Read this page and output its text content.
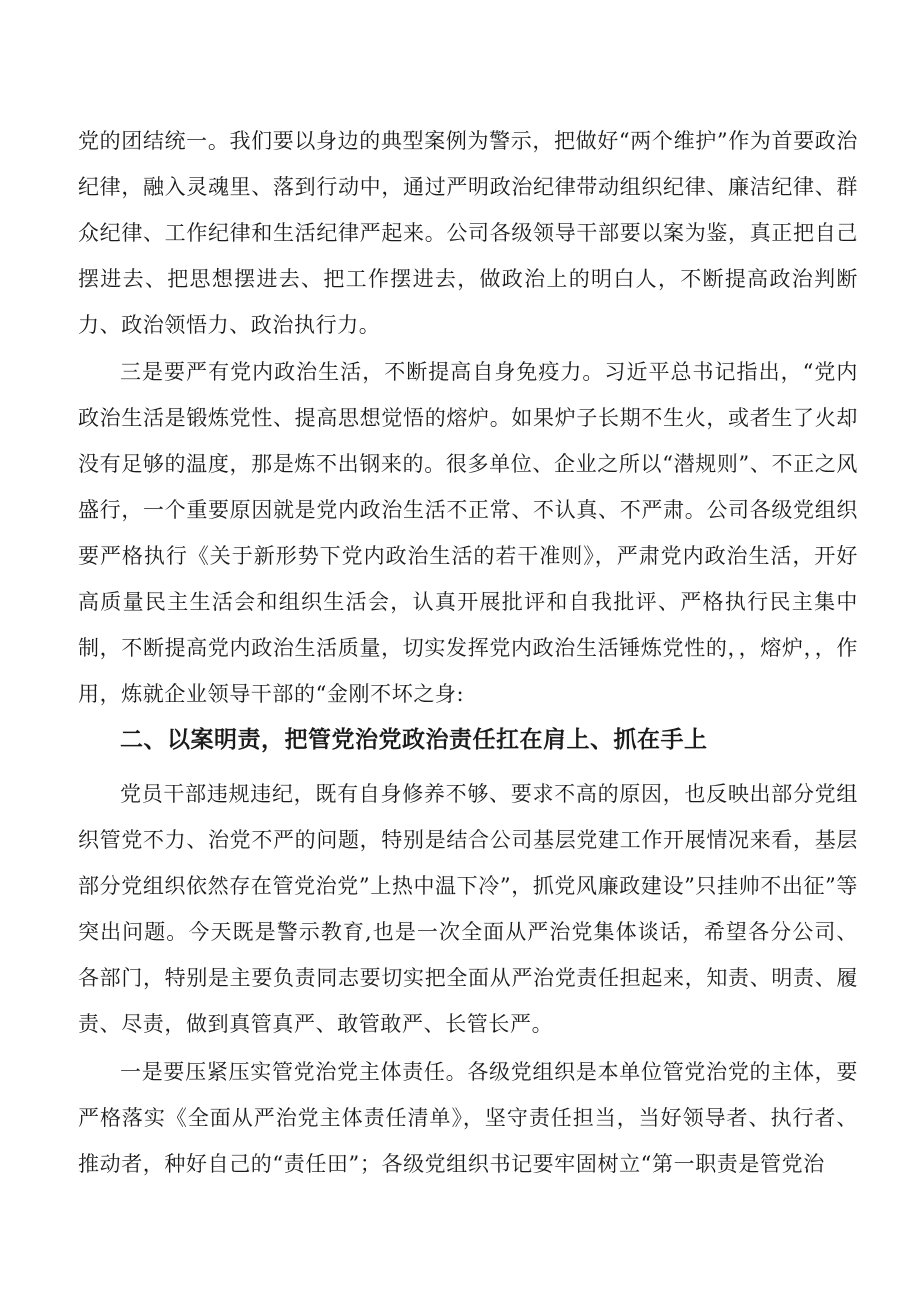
党的团结统一。我们要以身边的典型案例为警示，把做好“两个维护”作为首要政治纪律，融入灵魂里、落到行动中，通过严明政治纪律带动组织纪律、廉洁纪律、群众纪律、工作纪律和生活纪律严起来。公司各级领导干部要以案为鉴，真正把自己摆进去、把思想摆进去、把工作摆进去，做政治上的明白人，不断提高政治判断力、政治领悟力、政治执行力。

三是要严有党内政治生活，不断提高自身免疫力。习近平总书记指出，“党内政治生活是锻炼党性、提高思想觉悟的熔炉。如果炉子长期不生火，或者生了火却没有足够的温度，那是炼不出钢来的。很多单位、企业之所以“潜规则”、不正之风盛行，一个重要原因就是党内政治生活不正常、不认真、不严肃。公司各级党组织要严格执行《关于新形势下党内政治生活的若干准则》，严肃党内政治生活，开好高质量民主生活会和组织生活会，认真开展批评和自我批评、严格执行民主集中制，不断提高党内政治生活质量，切实发挥党内政治生活锤炼党性的，，熔炉，，作用，炼就企业领导干部的“金刚不坏之身:

二、以案明责，把管党治党政治责任扛在肩上、抓在手上

党员干部违规违纪，既有自身修养不够、要求不高的原因，也反映出部分党组织管党不力、治党不严的问题，特别是结合公司基层党建工作开展情况来看，基层部分党组织依然存在管党治党”上热中温下冷”，抓党风廉政建设”只挂帅不出征”等突出问题。今天既是警示教育,也是一次全面从严治党集体谈话，希望各分公司、各部门，特别是主要负责同志要切实把全面从严治党责任担起来，知责、明责、履责、尽责，做到真管真严、敢管敢严、长管长严。

一是要压紧压实管党治党主体责任。各级党组织是本单位管党治党的主体，要严格落实《全面从严治党主体责任清单》，坚守责任担当，当好领导者、执行者、推动者，种好自己的“责任田”；各级党组织书记要牢固树立“第一职责是管党治
